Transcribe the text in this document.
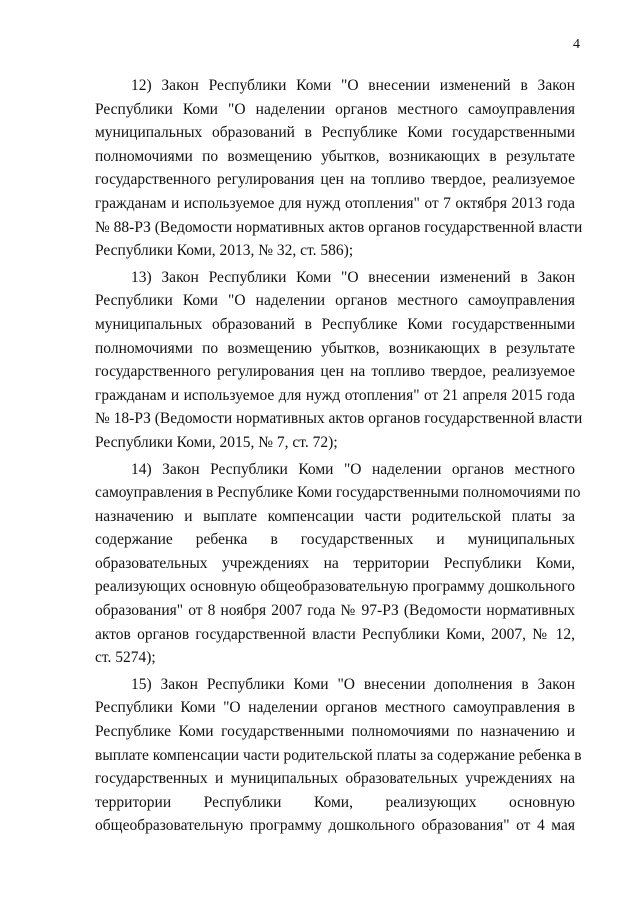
4
12) Закон Республики Коми "О внесении изменений в Закон
Республики Коми "О наделении органов местного самоуправления
муниципальных образований в Республике Коми государственными
полномочиями по возмещению убытков, возникающих в результате
государственного регулирования цен на топливо твердое, реализуемое
гражданам и используемое для нужд отопления" от 7 октября 2013 года
№ 88-РЗ (Ведомости нормативных актов органов государственной власти
Республики Коми, 2013, № 32, ст. 586);
13) Закон Республики Коми "О внесении изменений в Закон
Республики Коми "О наделении органов местного самоуправления
муниципальных образований в Республике Коми государственными
полномочиями по возмещению убытков, возникающих в результате
государственного регулирования цен на топливо твердое, реализуемое
гражданам и используемое для нужд отопления" от 21 апреля 2015 года
№ 18-РЗ (Ведомости нормативных актов органов государственной власти
Республики Коми, 2015, № 7, ст. 72);
14) Закон Республики Коми "О наделении органов местного
самоуправления в Республике Коми государственными полномочиями по
назначению и выплате компенсации части родительской платы за
содержание ребенка в государственных и муниципальных
образовательных учреждениях на территории Республики Коми,
реализующих основную общеобразовательную программу дошкольного
образования" от 8 ноября 2007 года № 97-РЗ (Ведомости нормативных
актов органов государственной власти Республики Коми, 2007, № 12,
ст. 5274);
15) Закон Республики Коми "О внесении дополнения в Закон
Республики Коми "О наделении органов местного самоуправления в
Республике Коми государственными полномочиями по назначению и
выплате компенсации части родительской платы за содержание ребенка в
государственных и муниципальных образовательных учреждениях на
территории Республики Коми, реализующих основную
общеобразовательную программу дошкольного образования" от 4 мая
